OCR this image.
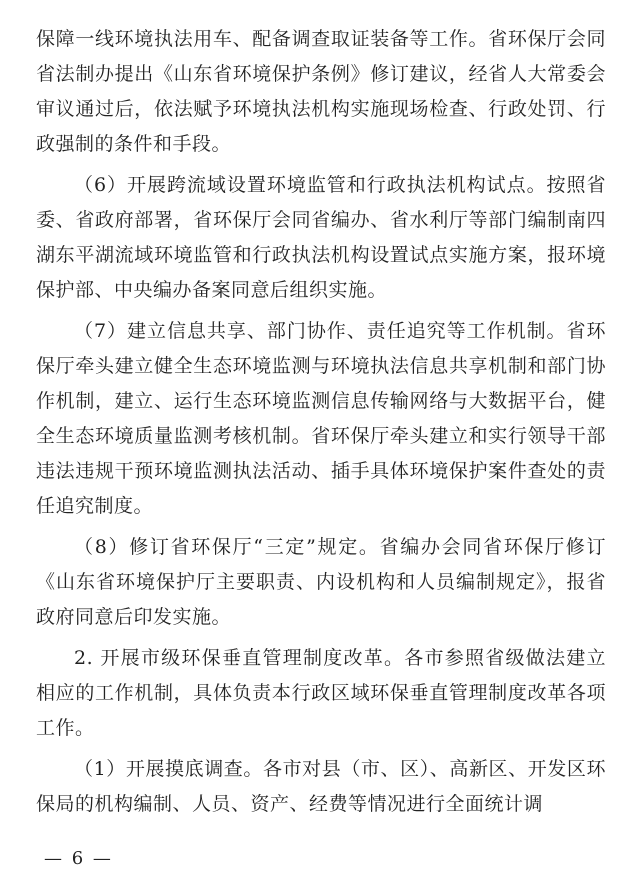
保障一线环境执法用车、配备调查取证装备等工作。省环保厅会同省法制办提出《山东省环境保护条例》修订建议，经省人大常委会审议通过后，依法赋予环境执法机构实施现场检查、行政处罚、行政强制的条件和手段。

（6）开展跨流域设置环境监管和行政执法机构试点。按照省委、省政府部署，省环保厅会同省编办、省水利厅等部门编制南四湖东平湖流域环境监管和行政执法机构设置试点实施方案，报环境保护部、中央编办备案同意后组织实施。

（7）建立信息共享、部门协作、责任追究等工作机制。省环保厅牵头建立健全生态环境监测与环境执法信息共享机制和部门协作机制，建立、运行生态环境监测信息传输网络与大数据平台，健全生态环境质量监测考核机制。省环保厅牵头建立和实行领导干部违法违规干预环境监测执法活动、插手具体环境保护案件查处的责任追究制度。

（8）修订省环保厅“三定”规定。省编办会同省环保厅修订《山东省环境保护厅主要职责、内设机构和人员编制规定》，报省政府同意后印发实施。

2. 开展市级环保垂直管理制度改革。各市参照省级做法建立相应的工作机制，具体负责本行政区域环保垂直管理制度改革各项工作。

（1）开展摸底调查。各市对县（市、区）、高新区、开发区环保局的机构编制、人员、资产、经费等情况进行全面统计调

— 6 —
